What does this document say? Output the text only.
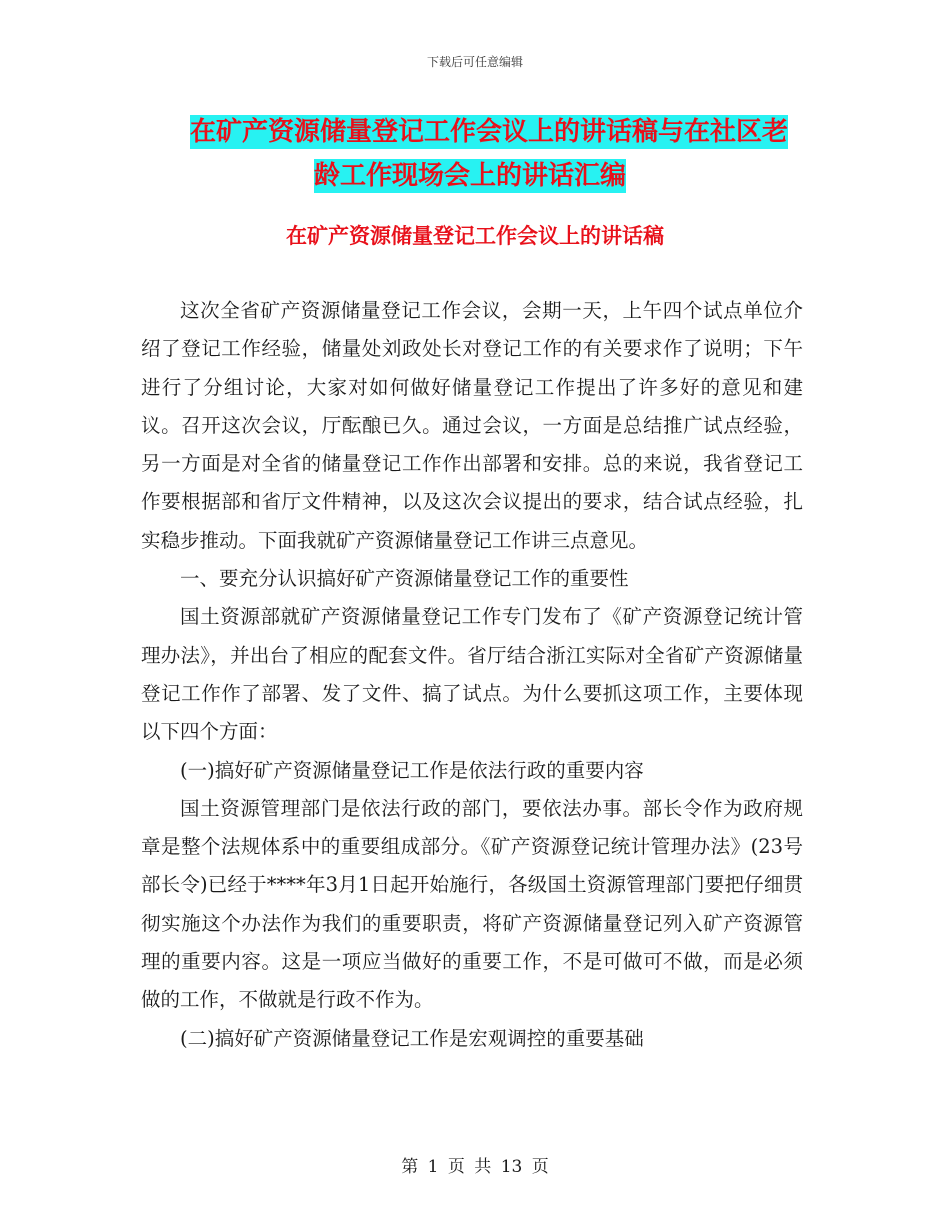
下载后可任意编辑
在矿产资源储量登记工作会议上的讲话稿与在社区老
龄工作现场会上的讲话汇编
在矿产资源储量登记工作会议上的讲话稿

这次全省矿产资源储量登记工作会议，会期一天，上午四个试点单位介绍了登记工作经验，储量处刘政处长对登记工作的有关要求作了说明；下午进行了分组讨论，大家对如何做好储量登记工作提出了许多好的意见和建议。召开这次会议，厅酝酿已久。通过会议，一方面是总结推广试点经验，另一方面是对全省的储量登记工作作出部署和安排。总的来说，我省登记工作要根据部和省厅文件精神，以及这次会议提出的要求，结合试点经验，扎实稳步推动。下面我就矿产资源储量登记工作讲三点意见。

一、要充分认识搞好矿产资源储量登记工作的重要性

国土资源部就矿产资源储量登记工作专门发布了《矿产资源登记统计管理办法》，并出台了相应的配套文件。省厅结合浙江实际对全省矿产资源储量登记工作作了部署、发了文件、搞了试点。为什么要抓这项工作，主要体现以下四个方面：

(一)搞好矿产资源储量登记工作是依法行政的重要内容

国土资源管理部门是依法行政的部门，要依法办事。部长令作为政府规章是整个法规体系中的重要组成部分。《矿产资源登记统计管理办法》(23号部长令)已经于****年3月1日起开始施行，各级国土资源管理部门要把仔细贯彻实施这个办法作为我们的重要职责，将矿产资源储量登记列入矿产资源管理的重要内容。这是一项应当做好的重要工作，不是可做可不做，而是必须做的工作，不做就是行政不作为。

(二)搞好矿产资源储量登记工作是宏观调控的重要基础

第 1 页 共 13 页
